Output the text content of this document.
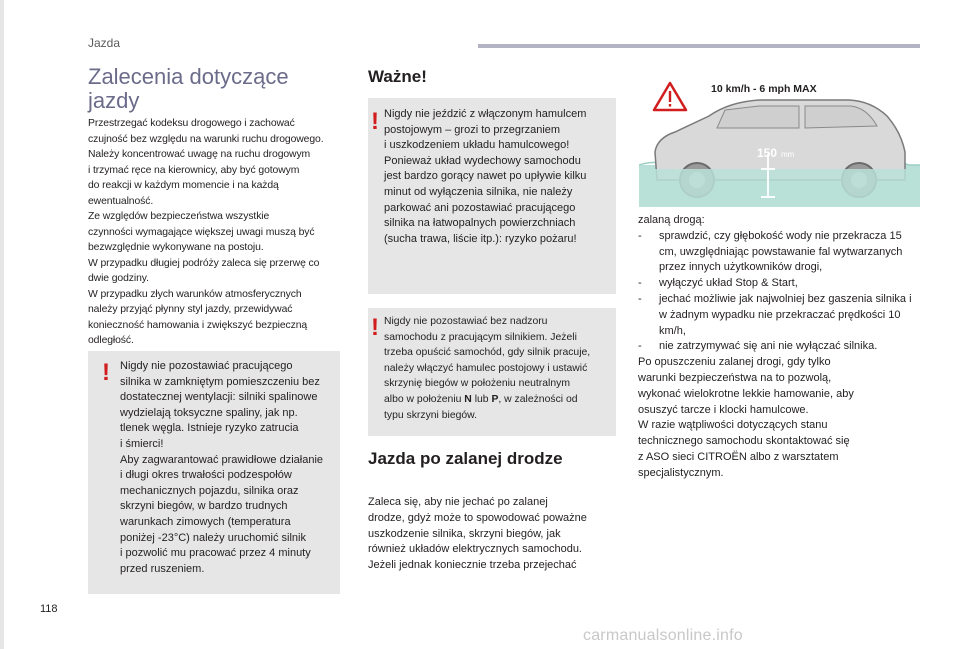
Jazda
Zalecenia dotyczące
jazdy
Przestrzegać kodeksu drogowego i zachować
czujność bez względu na warunki ruchu drogowego.
Należy koncentrować uwagę na ruchu drogowym
i trzymać ręce na kierownicy, aby być gotowym
do reakcji w każdym momencie i na każdą
ewentualność.
Ze względów bezpieczeństwa wszystkie
czynności wymagające większej uwagi muszą być
bezwzględnie wykonywane na postoju.
W przypadku długiej podróży zaleca się przerwę co
dwie godziny.
W przypadku złych warunków atmosferycznych
należy przyjąć płynny styl jazdy, przewidywać
konieczność hamowania i zwiększyć bezpieczną
odległość.
! Nigdy nie pozostawiać pracującego
silnika w zamkniętym pomieszczeniu bez
dostatecznej wentylacji: silniki spalinowe
wydzielają toksyczne spaliny, jak np.
tlenek węgla. Istnieje ryzyko zatrucia
i śmierci!
Aby zagwarantować prawidłowe działanie
i długi okres trwałości podzespołów
mechanicznych pojazdu, silnika oraz
skrzyni biegów, w bardzo trudnych
warunkach zimowych (temperatura
poniżej -23°C) należy uruchomić silnik
i pozwolić mu pracować przez 4 minuty
przed ruszeniem.
Ważne!
! Nigdy nie jeździć z włączonym hamulcem
postojowym – grozi to przegrzaniem
i uszkodzeniem układu hamulcowego!
Ponieważ układ wydechowy samochodu
jest bardzo gorący nawet po upływie kilku
minut od wyłączenia silnika, nie należy
parkować ani pozostawiać pracującego
silnika na łatwopalnych powierzchniach
(sucha trawa, liście itp.): ryzyko pożaru!
! Nigdy nie pozostawiać bez nadzoru
samochodu z pracującym silnikiem. Jeżeli
trzeba opuścić samochód, gdy silnik pracuje,
należy włączyć hamulec postojowy i ustawić
skrzynię biegów w położeniu neutralnym
albo w położeniu N lub P, w zależności od
typu skrzyni biegów.
Jazda po zalanej drodze
Zaleca się, aby nie jechać po zalanej
drodze, gdyż może to spowodować poważne
uszkodzenie silnika, skrzyni biegów, jak
również układów elektrycznych samochodu.
Jeżeli jednak koniecznie trzeba przejechać
10 km/h - 6 mph MAX
150 mm
zalaną drogą:
-	sprawdzić, czy głębokość wody nie przekracza 15 cm, uwzględniając powstawanie fal wytwarzanych przez innych użytkowników drogi,
-	wyłączyć układ Stop & Start,
-	jechać możliwie jak najwolniej bez gaszenia silnika i w żadnym wypadku nie przekraczać prędkości 10 km/h,
-	nie zatrzymywać się ani nie wyłączać silnika.
Po opuszczeniu zalanej drogi, gdy tylko
warunki bezpieczeństwa na to pozwolą,
wykonać wielokrotne lekkie hamowanie, aby
osuszyć tarcze i klocki hamulcowe.
W razie wątpliwości dotyczących stanu
technicznego samochodu skontaktować się
z ASO sieci CITROËN albo z warsztatem
specjalistycznym.
118
carmanualsonline.info
